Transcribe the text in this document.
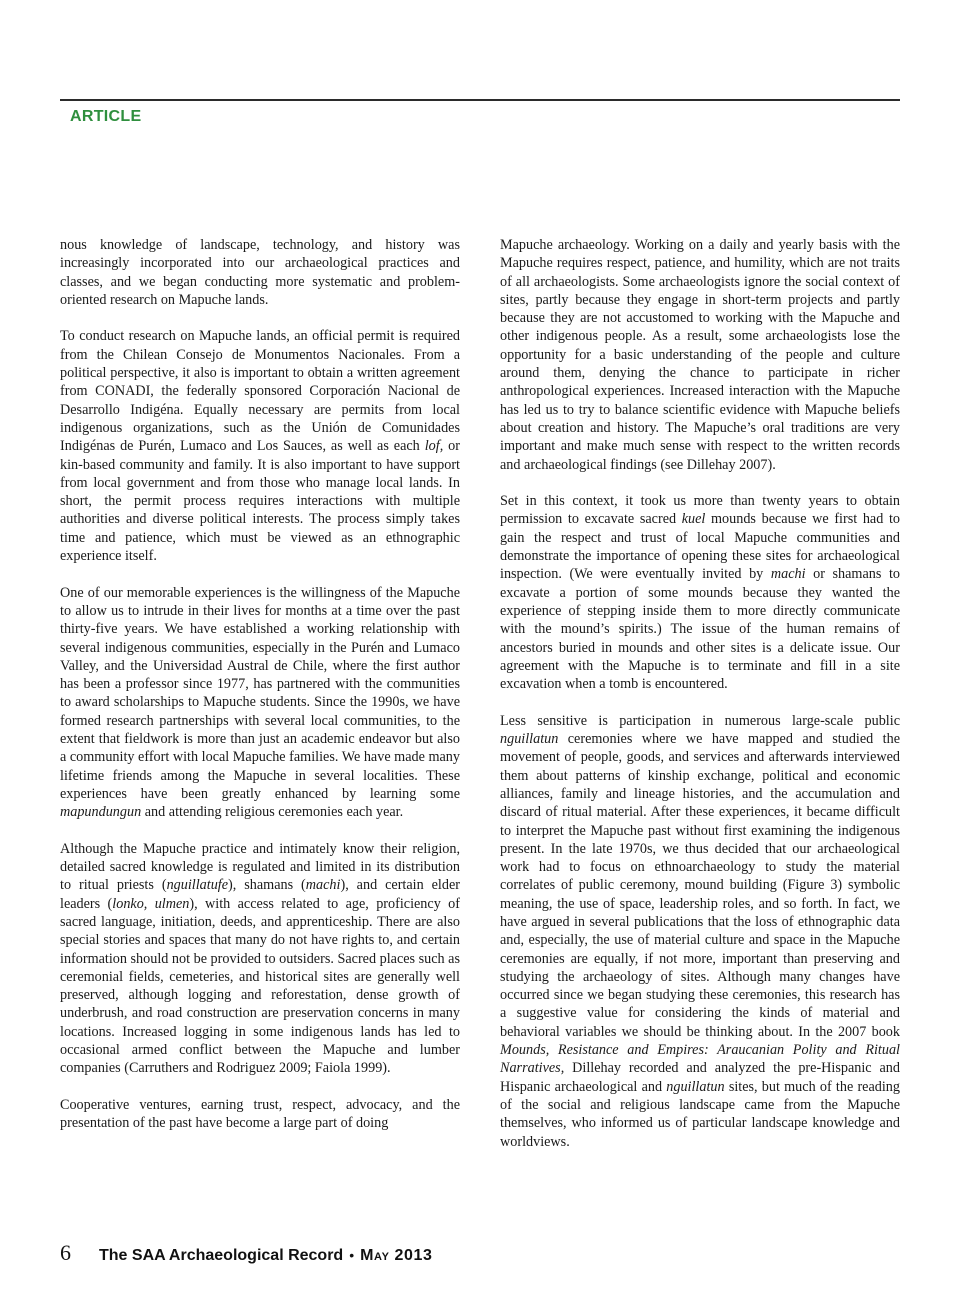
ARTICLE

nous knowledge of landscape, technology, and history was increasingly incorporated into our archaeological practices and classes, and we began conducting more systematic and problem-oriented research on Mapuche lands.

To conduct research on Mapuche lands, an official permit is required from the Chilean Consejo de Monumentos Nacionales. From a political perspective, it also is important to obtain a written agreement from CONADI, the federally sponsored Corporación Nacional de Desarrollo Indigéna. Equally necessary are permits from local indigenous organizations, such as the Unión de Comunidades Indigénas de Purén, Lumaco and Los Sauces, as well as each lof, or kin-based community and family. It is also important to have support from local government and from those who manage local lands. In short, the permit process requires interactions with multiple authorities and diverse political interests. The process simply takes time and patience, which must be viewed as an ethnographic experience itself.

One of our memorable experiences is the willingness of the Mapuche to allow us to intrude in their lives for months at a time over the past thirty-five years. We have established a working relationship with several indigenous communities, especially in the Purén and Lumaco Valley, and the Universidad Austral de Chile, where the first author has been a professor since 1977, has partnered with the communities to award scholarships to Mapuche students. Since the 1990s, we have formed research partnerships with several local communities, to the extent that fieldwork is more than just an academic endeavor but also a community effort with local Mapuche families. We have made many lifetime friends among the Mapuche in several localities. These experiences have been greatly enhanced by learning some mapundungun and attending religious ceremonies each year.

Although the Mapuche practice and intimately know their religion, detailed sacred knowledge is regulated and limited in its distribution to ritual priests (nguillatufe), shamans (machi), and certain elder leaders (lonko, ulmen), with access related to age, proficiency of sacred language, initiation, deeds, and apprenticeship. There are also special stories and spaces that many do not have rights to, and certain information should not be provided to outsiders. Sacred places such as ceremonial fields, cemeteries, and historical sites are generally well preserved, although logging and reforestation, dense growth of underbrush, and road construction are preservation concerns in many locations. Increased logging in some indigenous lands has led to occasional armed conflict between the Mapuche and lumber companies (Carruthers and Rodriguez 2009; Faiola 1999).

Cooperative ventures, earning trust, respect, advocacy, and the presentation of the past have become a large part of doing

Mapuche archaeology. Working on a daily and yearly basis with the Mapuche requires respect, patience, and humility, which are not traits of all archaeologists. Some archaeologists ignore the social context of sites, partly because they engage in short-term projects and partly because they are not accustomed to working with the Mapuche and other indigenous people. As a result, some archaeologists lose the opportunity for a basic understanding of the people and culture around them, denying the chance to participate in richer anthropological experiences. Increased interaction with the Mapuche has led us to try to balance scientific evidence with Mapuche beliefs about creation and history. The Mapuche’s oral traditions are very important and make much sense with respect to the written records and archaeological findings (see Dillehay 2007).

Set in this context, it took us more than twenty years to obtain permission to excavate sacred kuel mounds because we first had to gain the respect and trust of local Mapuche communities and demonstrate the importance of opening these sites for archaeological inspection. (We were eventually invited by machi or shamans to excavate a portion of some mounds because they wanted the experience of stepping inside them to more directly communicate with the mound’s spirits.) The issue of the human remains of ancestors buried in mounds and other sites is a delicate issue. Our agreement with the Mapuche is to terminate and fill in a site excavation when a tomb is encountered.

Less sensitive is participation in numerous large-scale public nguillatun ceremonies where we have mapped and studied the movement of people, goods, and services and afterwards interviewed them about patterns of kinship exchange, political and economic alliances, family and lineage histories, and the accumulation and discard of ritual material. After these experiences, it became difficult to interpret the Mapuche past without first examining the indigenous present. In the late 1970s, we thus decided that our archaeological work had to focus on ethnoarchaeology to study the material correlates of public ceremony, mound building (Figure 3) symbolic meaning, the use of space, leadership roles, and so forth. In fact, we have argued in several publications that the loss of ethnographic data and, especially, the use of material culture and space in the Mapuche ceremonies are equally, if not more, important than preserving and studying the archaeology of sites. Although many changes have occurred since we began studying these ceremonies, this research has a suggestive value for considering the kinds of material and behavioral variables we should be thinking about. In the 2007 book Mounds, Resistance and Empires: Araucanian Polity and Ritual Narratives, Dillehay recorded and analyzed the pre-Hispanic and Hispanic archaeological and nguillatun sites, but much of the reading of the social and religious landscape came from the Mapuche themselves, who informed us of particular landscape knowledge and worldviews.

6 The SAA Archaeological Record • May 2013
